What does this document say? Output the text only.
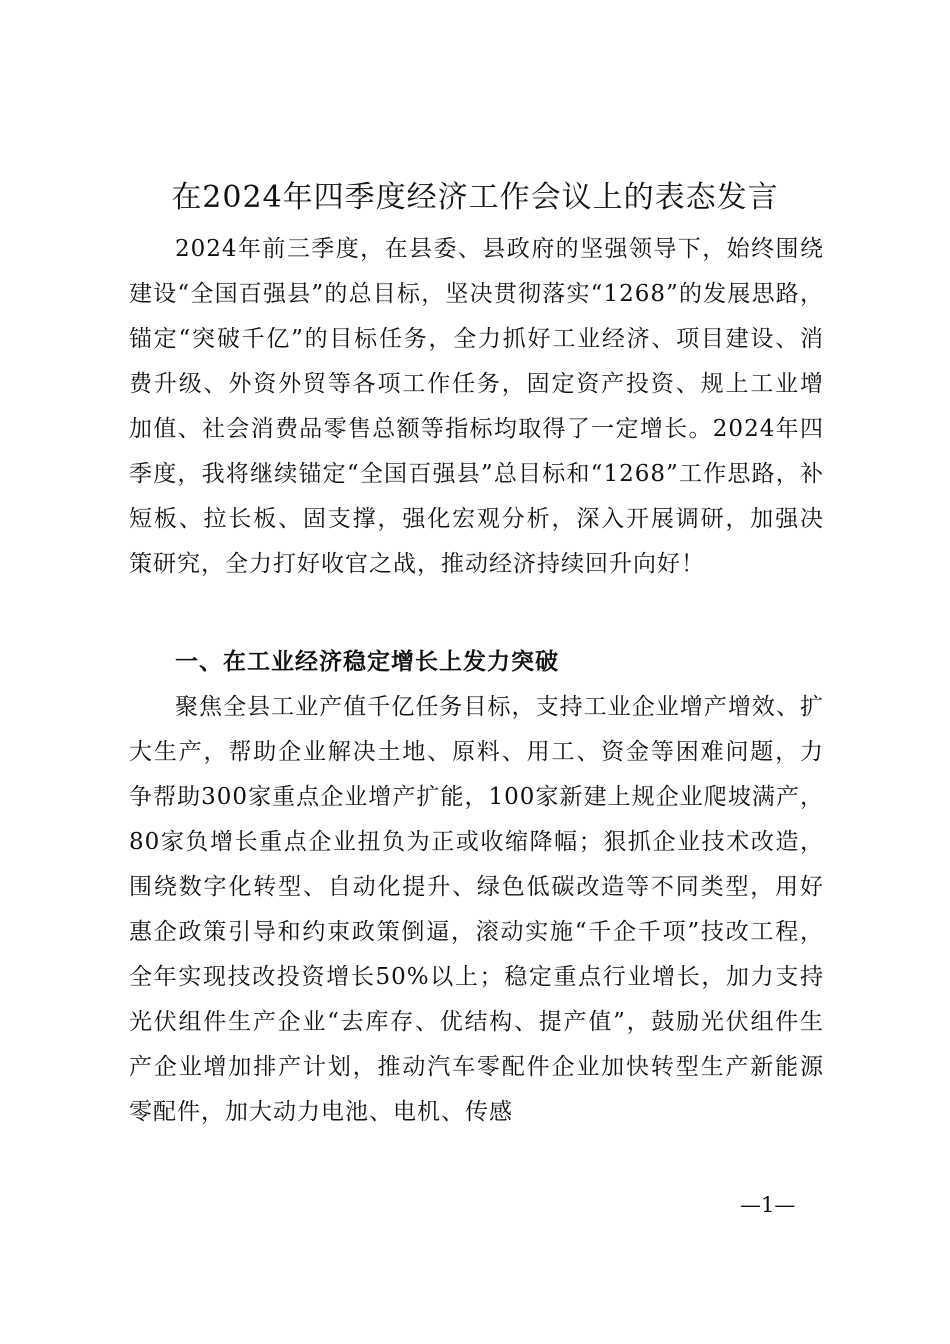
在2024年四季度经济工作会议上的表态发言
2024年前三季度，在县委、县政府的坚强领导下，始终围绕建设“全国百强县”的总目标，坚决贯彻落实“1268”的发展思路，锚定“突破千亿”的目标任务，全力抓好工业经济、项目建设、消费升级、外资外贸等各项工作任务，固定资产投资、规上工业增加值、社会消费品零售总额等指标均取得了一定增长。2024年四季度，我将继续锚定“全国百强县”总目标和“1268”工作思路，补短板、拉长板、固支撑，强化宏观分析，深入开展调研，加强决策研究，全力打好收官之战，推动经济持续回升向好！
一、在工业经济稳定增长上发力突破
聚焦全县工业产值千亿任务目标，支持工业企业增产增效、扩大生产，帮助企业解决土地、原料、用工、资金等困难问题，力争帮助300家重点企业增产扩能，100家新建上规企业爬坡满产，80家负增长重点企业扭负为正或收缩降幅；狠抓企业技术改造，围绕数字化转型、自动化提升、绿色低碳改造等不同类型，用好惠企政策引导和约束政策倒逼，滚动实施“千企千项”技改工程，全年实现技改投资增长50%以上；稳定重点行业增长，加力支持光伏组件生产企业“去库存、优结构、提产值”，鼓励光伏组件生产企业增加排产计划，推动汽车零配件企业加快转型生产新能源零配件，加大动力电池、电机、传感
—1—
